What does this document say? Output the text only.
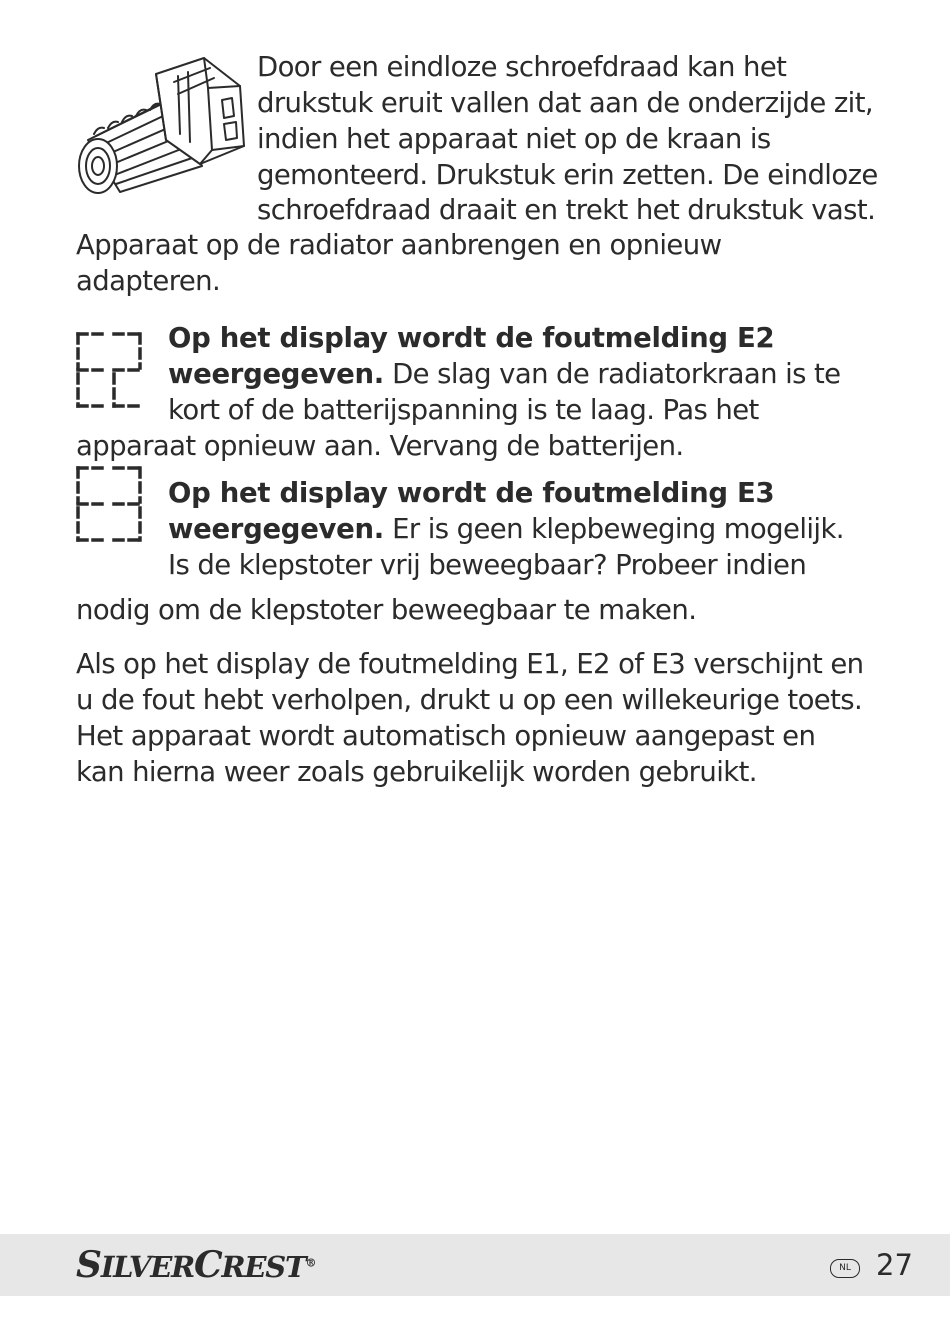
Door een eindloze schroefdraad kan het
drukstuk eruit vallen dat aan de onderzijde zit,
indien het apparaat niet op de kraan is
gemonteerd. Drukstuk erin zetten. De eindloze
schroefdraad draait en trekt het drukstuk vast.
Apparaat op de radiator aanbrengen en opnieuw
adapteren.
Op het display wordt de foutmelding E2
weergegeven. De slag van de radiatorkraan is te
kort of de batterijspanning is te laag. Pas het
apparaat opnieuw aan. Vervang de batterijen.
Op het display wordt de foutmelding E3
weergegeven. Er is geen klepbeweging mogelijk.
Is de klepstoter vrij beweegbaar? Probeer indien
nodig om de klepstoter beweegbaar te maken.
Als op het display de foutmelding E1, E2 of E3 verschijnt en
u de fout hebt verholpen, drukt u op een willekeurige toets.
Het apparaat wordt automatisch opnieuw aangepast en
kan hierna weer zoals gebruikelijk worden gebruikt.
SILVERCREST®	NL 27
